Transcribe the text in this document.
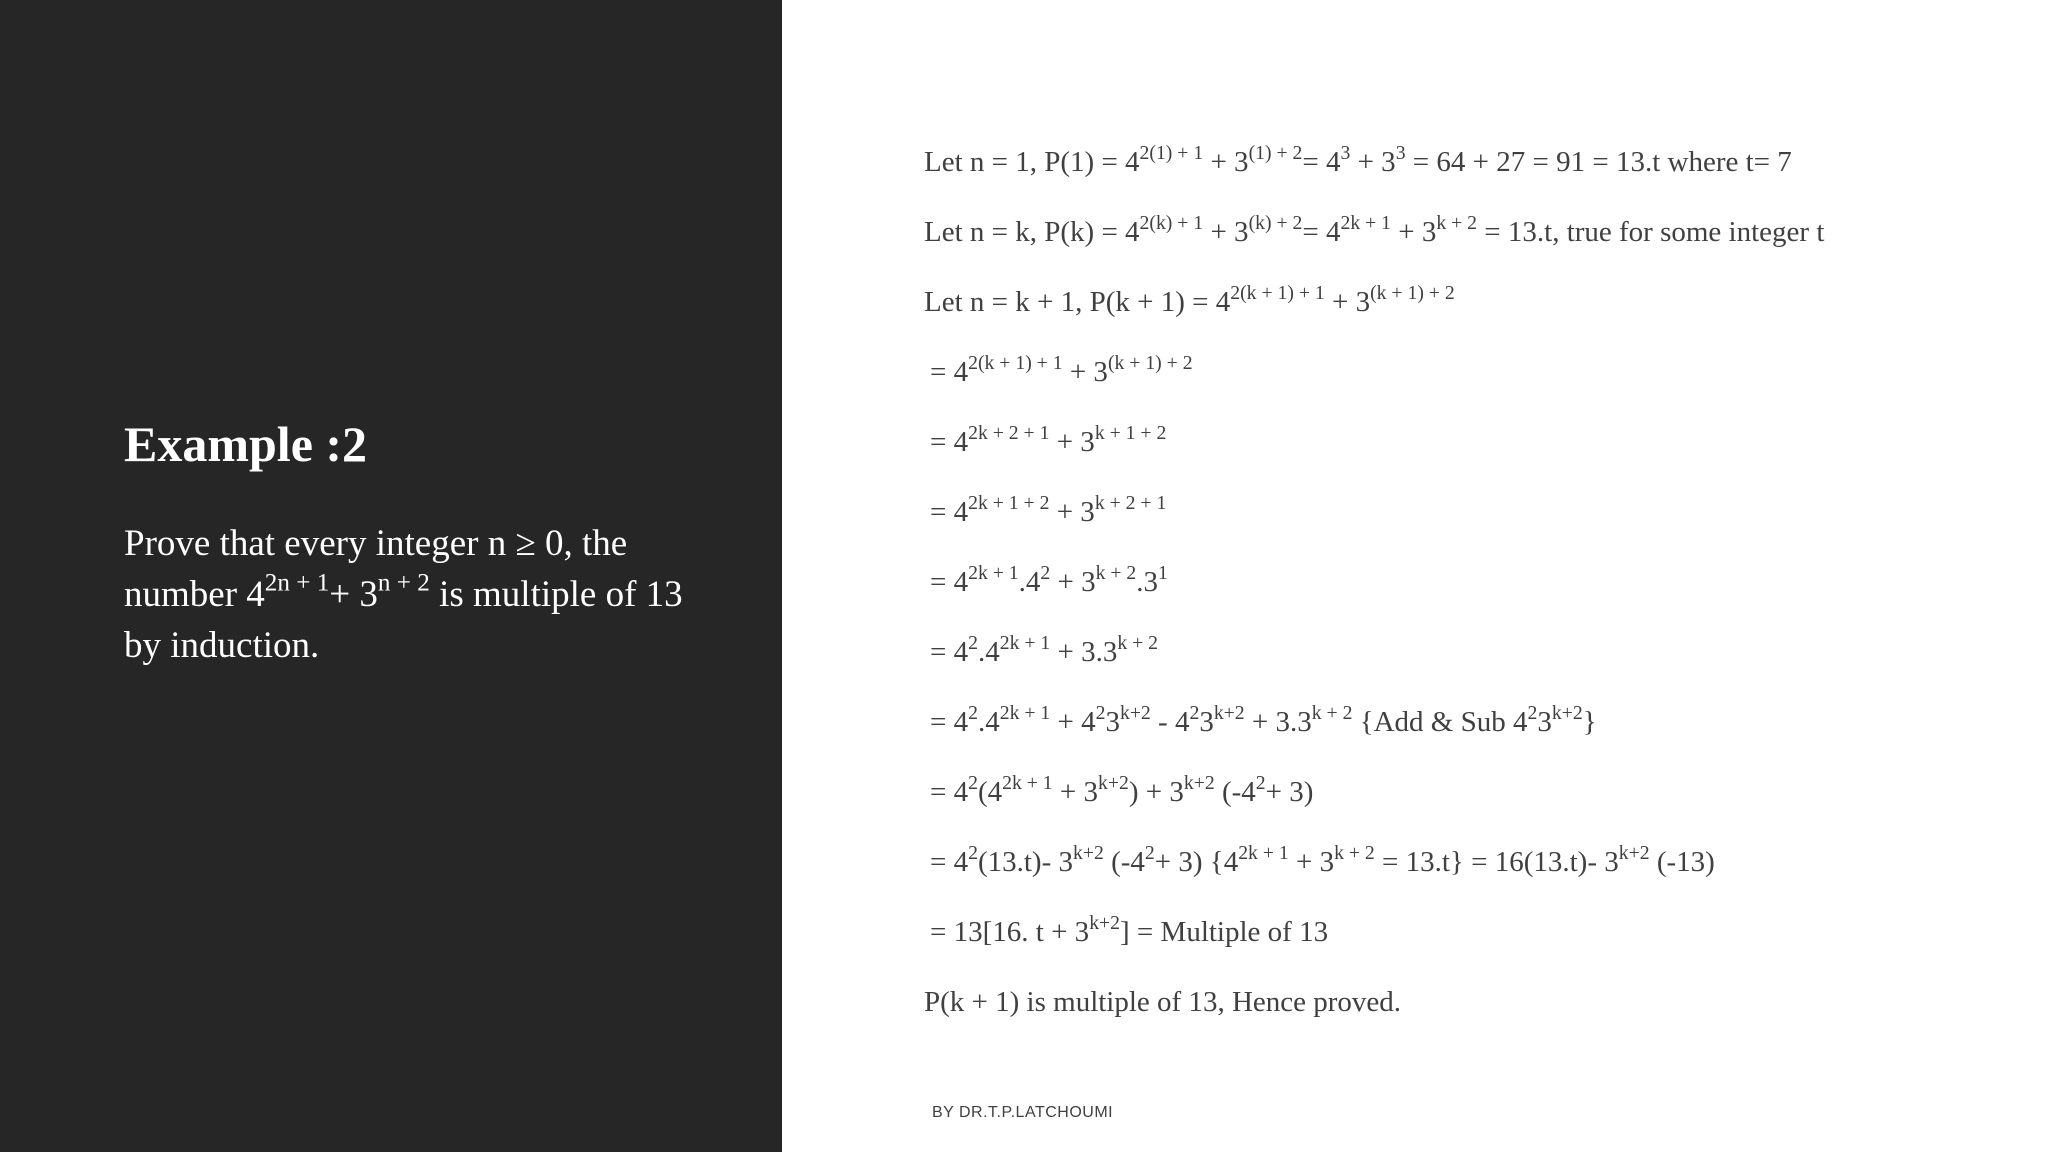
Example :2
Prove that every integer n ≥ 0, the number $4^{2n + 1}+ 3^{n + 2}$ is multiple of 13 by induction.
Let n = 1, $P(1) = 4^{2(1) + 1} + 3^{(1) + 2}= 4^3 + 3^3 = 64 + 27 = 91 = 13.t$ where t= 7
Let n = k, $P(k) = 4^{2(k) + 1} + 3^{(k) + 2}= 4^{2k + 1} + 3^{k + 2} = 13.t$, true for some integer t
Let n = k + 1, $P(k + 1) = 4^{2(k + 1) + 1} + 3^{(k + 1) + 2}$
= $4^{2(k + 1) + 1} + 3^{(k + 1) + 2}$
= $4^{2k + 2 + 1} + 3^{k + 1 + 2}$
= $4^{2k + 1 + 2} + 3^{k + 2 + 1}$
= $4^{2k + 1}.4^2 + 3^{k + 2}.3^1$
= $4^2.4^{2k + 1} + 3.3^{k + 2}$
= $4^2.4^{2k + 1} + 4^23^{k+2} - 4^23^{k+2} + 3.3^{k + 2}$ {Add & Sub $4^23^{k+2}$}
= $4^2(4^{2k + 1} + 3^{k+2}) + 3^{k+2}$ $(-4^2+ 3)$
= $4^2(13.t)-$ $3^{k+2}$ $(-4^2+ 3) \{4^{2k + 1} + 3^{k + 2} = 13.t\} = 16(13.t)-$ $3^{k+2}$ (-13)
= 13[16. $t + 3^{k+2}$] = Multiple of 13
P(k + 1) is multiple of 13, Hence proved.
BY DR.T.P.LATCHOUMI
